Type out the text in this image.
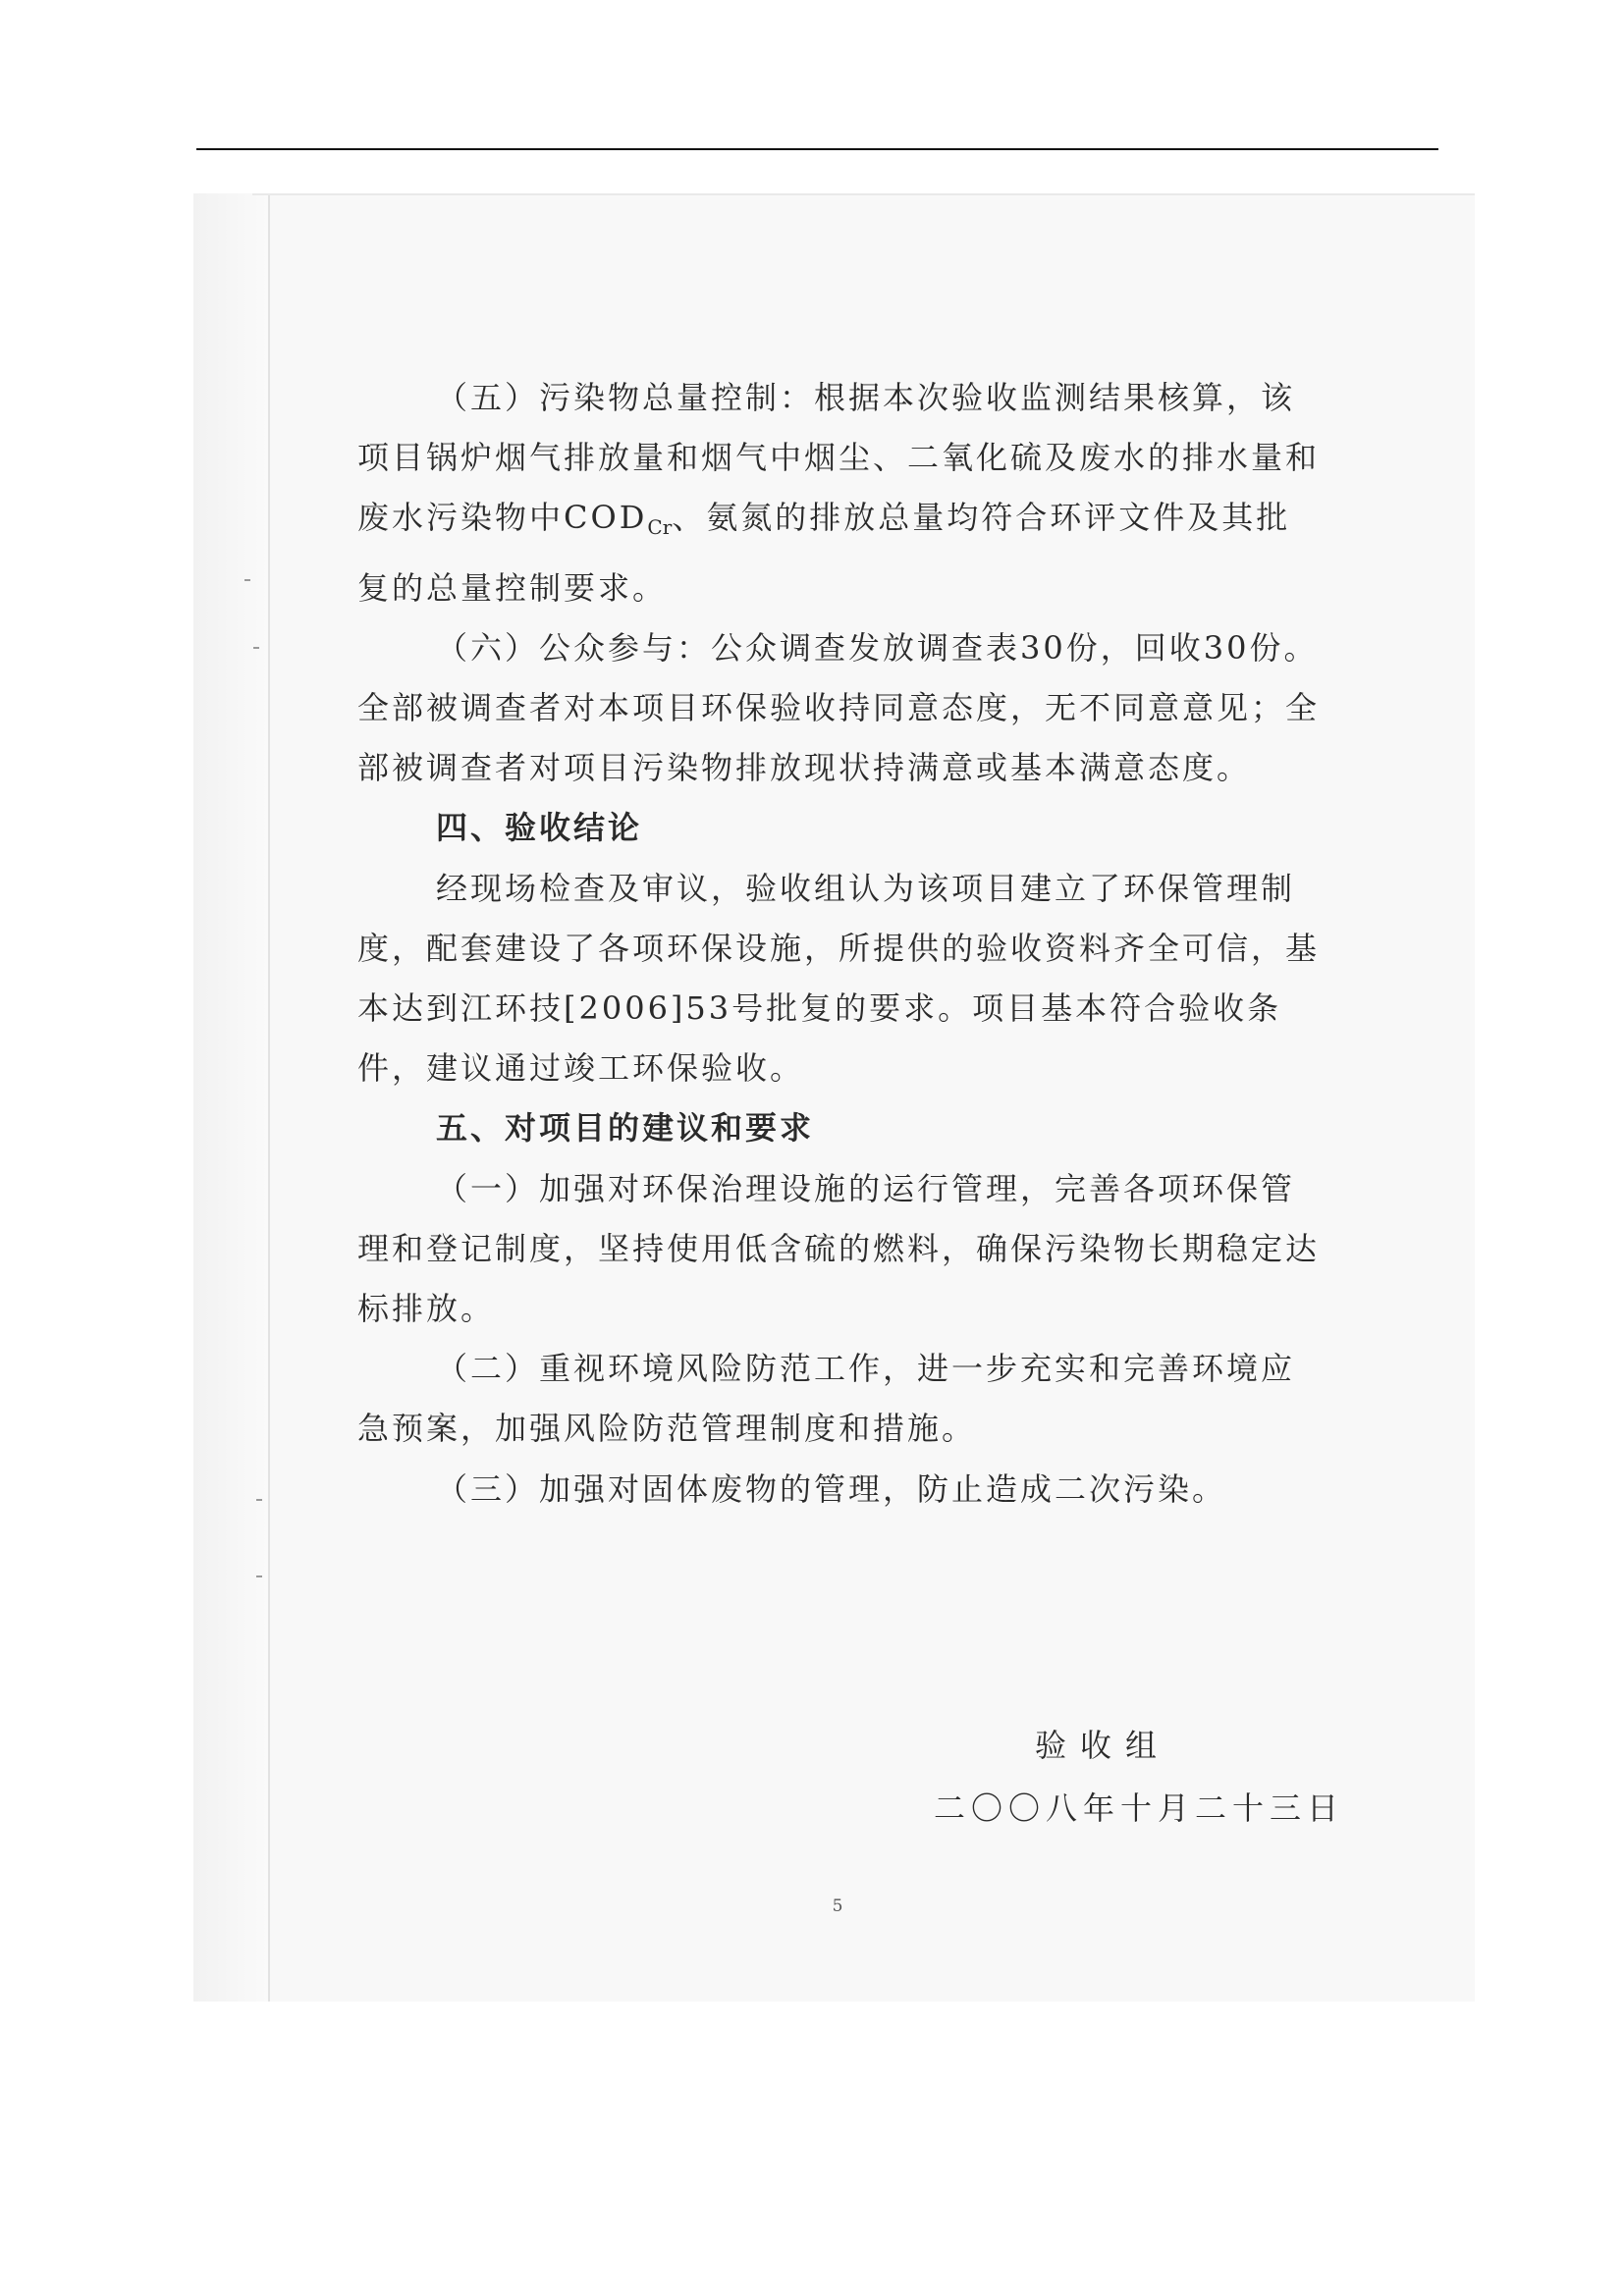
（五）污染物总量控制：根据本次验收监测结果核算，该项目锅炉烟气排放量和烟气中烟尘、二氧化硫及废水的排水量和废水污染物中$COD_{Cr}$、氨氮的排放总量均符合环评文件及其批复的总量控制要求。

（六）公众参与：公众调查发放调查表30份，回收30份。全部被调查者对本项目环保验收持同意态度，无不同意意见；全部被调查者对项目污染物排放现状持满意或基本满意态度。

四、验收结论

经现场检查及审议，验收组认为该项目建立了环保管理制度，配套建设了各项环保设施，所提供的验收资料齐全可信，基本达到江环技[2006]53号批复的要求。项目基本符合验收条件，建议通过竣工环保验收。

五、对项目的建议和要求

（一）加强对环保治理设施的运行管理，完善各项环保管理和登记制度，坚持使用低含硫的燃料，确保污染物长期稳定达标排放。

（二）重视环境风险防范工作，进一步充实和完善环境应急预案，加强风险防范管理制度和措施。

（三）加强对固体废物的管理，防止造成二次污染。

验收组
二〇〇八年十月二十三日
5
